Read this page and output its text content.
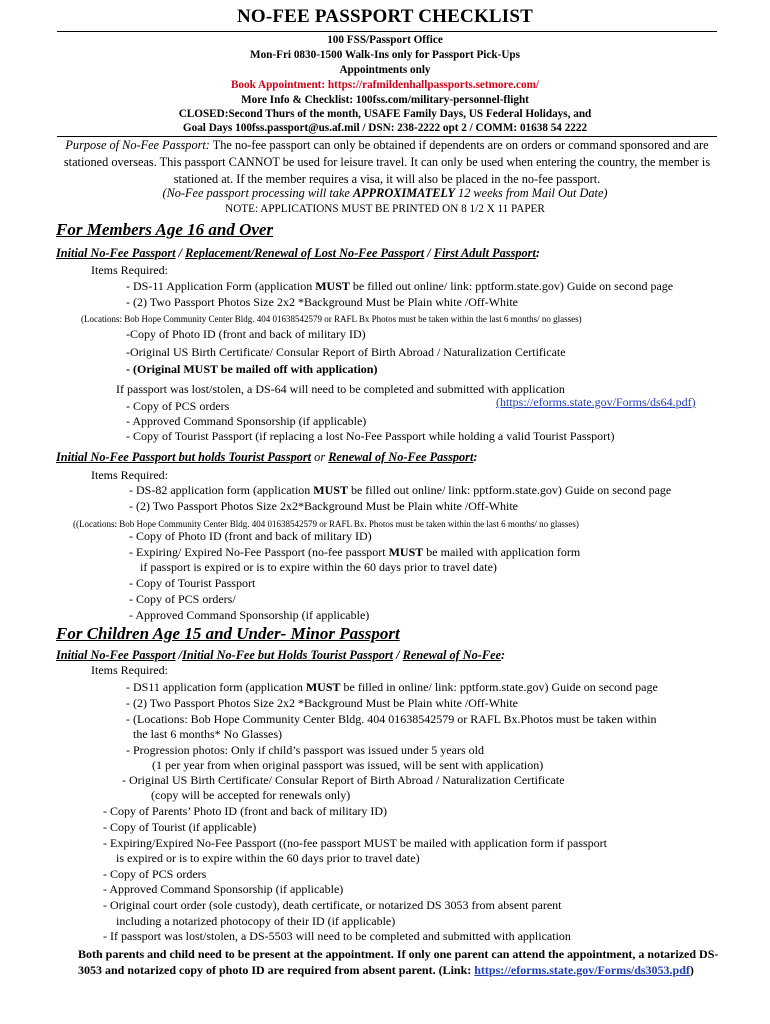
NO-FEE PASSPORT CHECKLIST
100 FSS/Passport Office
Mon-Fri 0830-1500 Walk-Ins only for Passport Pick-Ups
Appointments only
Book Appointment: https://rafmildenhallpassports.setmore.com/
More Info & Checklist: 100fss.com/military-personnel-flight
CLOSED:Second Thurs of the month, USAFE Family Days, US Federal Holidays, and
Goal Days 100fss.passport@us.af.mil / DSN: 238-2222 opt 2 / COMM: 01638 54 2222
Purpose of No-Fee Passport: The no-fee passport can only be obtained if dependents are on orders or command sponsored and are stationed overseas. This passport CANNOT be used for leisure travel. It can only be used when entering the country, the member is stationed at. If the member requires a visa, it will also be placed in the no-fee passport.
(No-Fee passport processing will take APPROXIMATELY 12 weeks from Mail Out Date)
NOTE: APPLICATIONS MUST BE PRINTED ON 8 1/2 X 11 PAPER
For Members Age 16 and Over
Initial No-Fee Passport / Replacement/Renewal of Lost No-Fee Passport / First Adult Passport:
Items Required:
- DS-11 Application Form (application MUST be filled out online/ link: pptform.state.gov) Guide on second page
- (2) Two Passport Photos Size 2x2 *Background Must be Plain white /Off-White
(Locations: Bob Hope Community Center Bldg. 404 01638542579 or RAFL Bx Photos must be taken within the last 6 months/ no glasses)
-Copy of Photo ID (front and back of military ID)
-Original US Birth Certificate/ Consular Report of Birth Abroad / Naturalization Certificate
- (Original MUST be mailed off with application)
If passport was lost/stolen, a DS-64 will need to be completed and submitted with application
(https://eforms.state.gov/Forms/ds64.pdf)
- Copy of PCS orders
- Approved Command Sponsorship (if applicable)
- Copy of Tourist Passport (if replacing a lost No-Fee Passport while holding a valid Tourist Passport)
Initial No-Fee Passport but holds Tourist Passport or Renewal of No-Fee Passport:
Items Required:
- DS-82 application form (application MUST be filled out online/ link: pptform.state.gov) Guide on second page
- (2) Two Passport Photos Size 2x2*Background Must be Plain white /Off-White
((Locations: Bob Hope Community Center Bldg. 404 01638542579 or RAFL Bx. Photos must be taken within the last 6 months/ no glasses)
- Copy of Photo ID (front and back of military ID)
- Expiring/ Expired No-Fee Passport (no-fee passport MUST be mailed with application form
if passport is expired or is to expire within the 60 days prior to travel date)
- Copy of Tourist Passport
- Copy of PCS orders/
- Approved Command Sponsorship (if applicable)
For Children Age 15 and Under- Minor Passport
Initial No-Fee Passport /Initial No-Fee but Holds Tourist Passport / Renewal of No-Fee:
Items Required:
- DS11 application form (application MUST be filled in online/ link: pptform.state.gov) Guide on second page
- (2) Two Passport Photos Size 2x2 *Background Must be Plain white /Off-White
- (Locations: Bob Hope Community Center Bldg. 404 01638542579 or RAFL Bx.Photos must be taken within
the last 6 months* No Glasses)
- Progression photos: Only if child’s passport was issued under 5 years old
(1 per year from when original passport was issued, will be sent with application)
- Original US Birth Certificate/ Consular Report of Birth Abroad / Naturalization Certificate
(copy will be accepted for renewals only)
- Copy of Parents’ Photo ID (front and back of military ID)
- Copy of Tourist (if applicable)
- Expiring/Expired No-Fee Passport ((no-fee passport MUST be mailed with application form if passport
is expired or is to expire within the 60 days prior to travel date)
- Copy of PCS orders
- Approved Command Sponsorship (if applicable)
- Original court order (sole custody), death certificate, or notarized DS 3053 from absent parent
including a notarized photocopy of their ID (if applicable)
- If passport was lost/stolen, a DS-5503 will need to be completed and submitted with application
Both parents and child need to be present at the appointment. If only one parent can attend the appointment, a notarized DS-3053 and notarized copy of photo ID are required from absent parent. (Link: https://eforms.state.gov/Forms/ds3053.pdf)
